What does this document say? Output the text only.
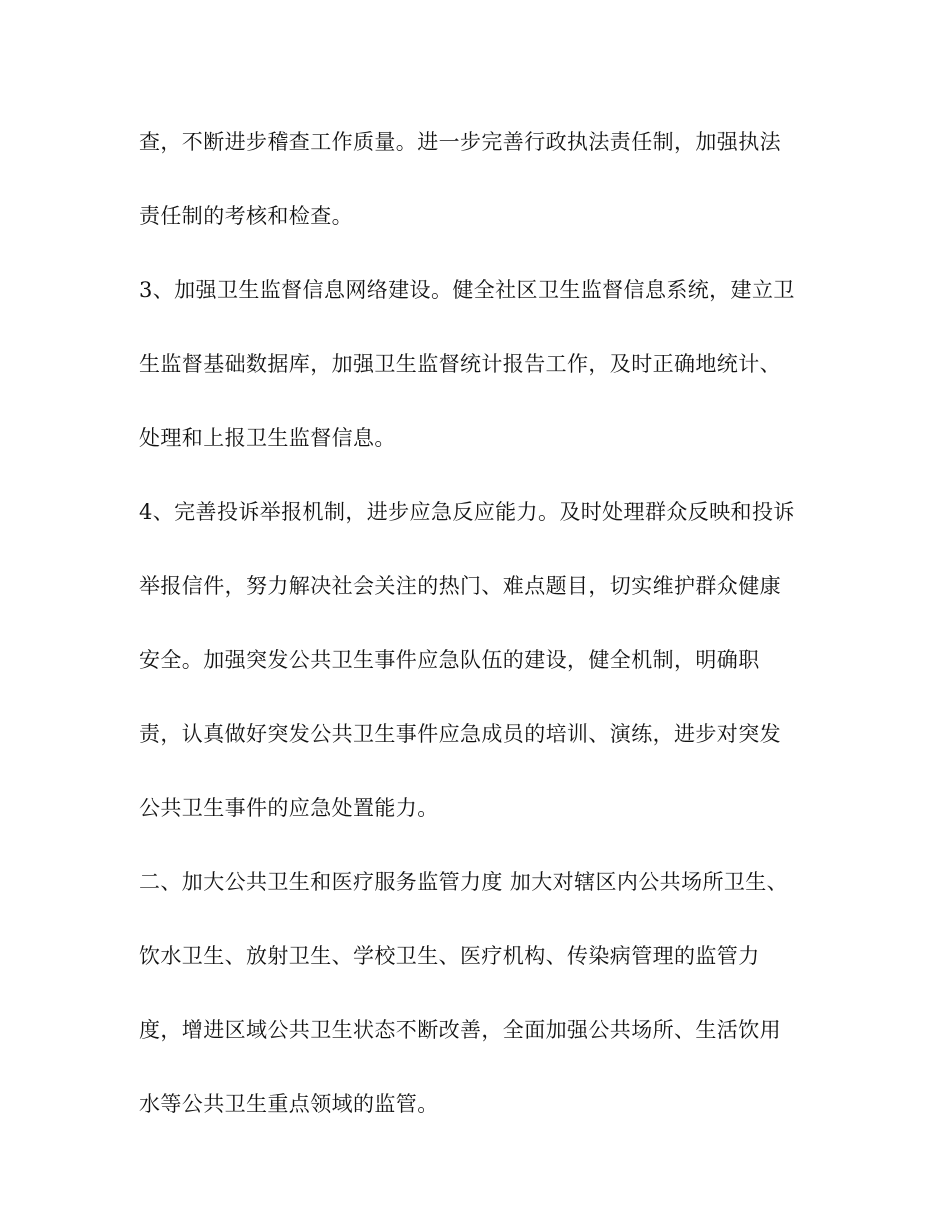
查，不断进步稽查工作质量。进一步完善行政执法责任制，加强执法
责任制的考核和检查。
3、加强卫生监督信息网络建设。健全社区卫生监督信息系统，建立卫
生监督基础数据库，加强卫生监督统计报告工作，及时正确地统计、
处理和上报卫生监督信息。
4、完善投诉举报机制，进步应急反应能力。及时处理群众反映和投诉
举报信件，努力解决社会关注的热门、难点题目，切实维护群众健康
安全。加强突发公共卫生事件应急队伍的建设，健全机制，明确职
责，认真做好突发公共卫生事件应急成员的培训、演练，进步对突发
公共卫生事件的应急处置能力。
二、加大公共卫生和医疗服务监管力度 加大对辖区内公共场所卫生、
饮水卫生、放射卫生、学校卫生、医疗机构、传染病管理的监管力
度，增进区域公共卫生状态不断改善，全面加强公共场所、生活饮用
水等公共卫生重点领域的监管。
